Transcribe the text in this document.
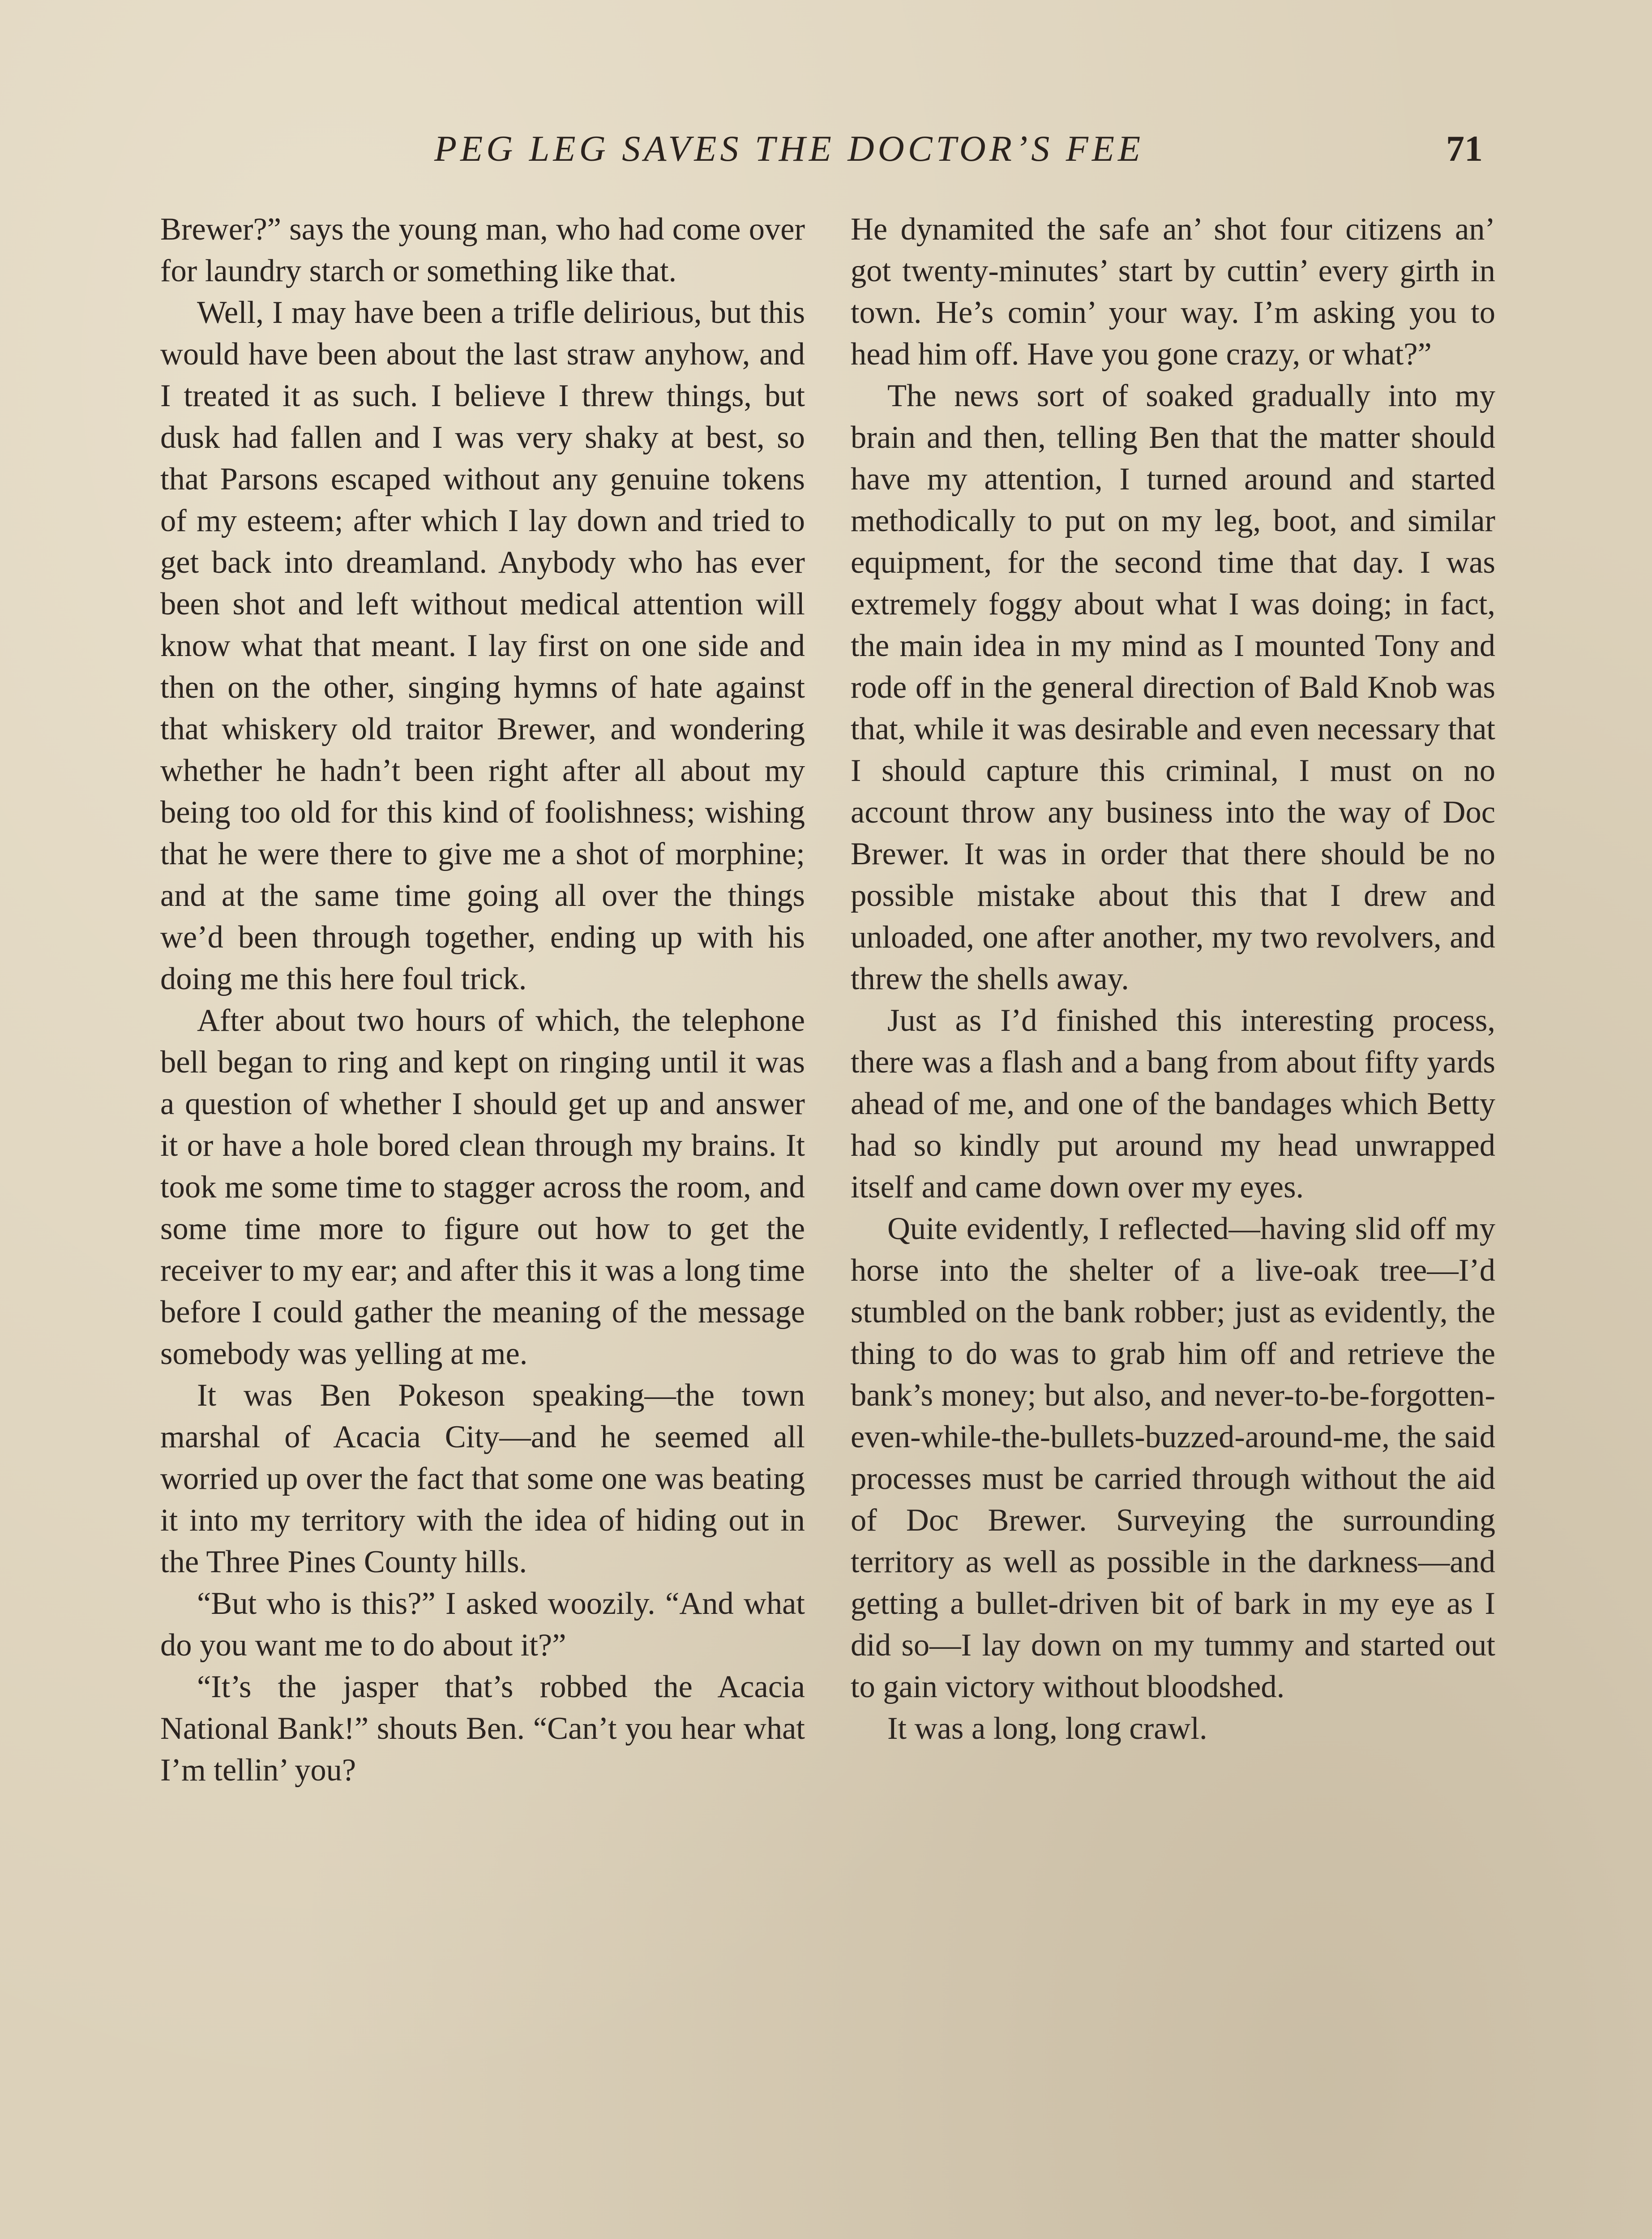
PEG LEG SAVES THE DOCTOR’S FEE	71

Brewer?” says the young man, who had come over for laundry starch or something like that.

Well, I may have been a trifle delirious, but this would have been about the last straw anyhow, and I treated it as such. I believe I threw things, but dusk had fallen and I was very shaky at best, so that Parsons escaped without any genuine tokens of my esteem; after which I lay down and tried to get back into dreamland. Anybody who has ever been shot and left without medical attention will know what that meant. I lay first on one side and then on the other, singing hymns of hate against that whiskery old traitor Brewer, and wondering whether he hadn’t been right after all about my being too old for this kind of foolishness; wishing that he were there to give me a shot of morphine; and at the same time going all over the things we’d been through together, ending up with his doing me this here foul trick.

After about two hours of which, the telephone bell began to ring and kept on ringing until it was a question of whether I should get up and answer it or have a hole bored clean through my brains. It took me some time to stagger across the room, and some time more to figure out how to get the receiver to my ear; and after this it was a long time before I could gather the meaning of the message somebody was yelling at me.

It was Ben Pokeson speaking—the town marshal of Acacia City—and he seemed all worried up over the fact that some one was beating it into my territory with the idea of hiding out in the Three Pines County hills.

“But who is this?” I asked woozily. “And what do you want me to do about it?”

“It’s the jasper that’s robbed the Acacia National Bank!” shouts Ben. “Can’t you hear what I’m tellin’ you?

He dynamited the safe an’ shot four citizens an’ got twenty-minutes’ start by cuttin’ every girth in town. He’s comin’ your way. I’m asking you to head him off. Have you gone crazy, or what?”

The news sort of soaked gradually into my brain and then, telling Ben that the matter should have my attention, I turned around and started methodically to put on my leg, boot, and similar equipment, for the second time that day. I was extremely foggy about what I was doing; in fact, the main idea in my mind as I mounted Tony and rode off in the general direction of Bald Knob was that, while it was desirable and even necessary that I should capture this criminal, I must on no account throw any business into the way of Doc Brewer. It was in order that there should be no possible mistake about this that I drew and unloaded, one after another, my two revolvers, and threw the shells away.

Just as I’d finished this interesting process, there was a flash and a bang from about fifty yards ahead of me, and one of the bandages which Betty had so kindly put around my head unwrapped itself and came down over my eyes.

Quite evidently, I reflected—having slid off my horse into the shelter of a live-oak tree—I’d stumbled on the bank robber; just as evidently, the thing to do was to grab him off and retrieve the bank’s money; but also, and never-to-be-forgotten-even-while-the-bullets-buzzed-around-me, the said processes must be carried through without the aid of Doc Brewer. Surveying the surrounding territory as well as possible in the darkness—and getting a bullet-driven bit of bark in my eye as I did so—I lay down on my tummy and started out to gain victory without bloodshed.

It was a long, long crawl.
